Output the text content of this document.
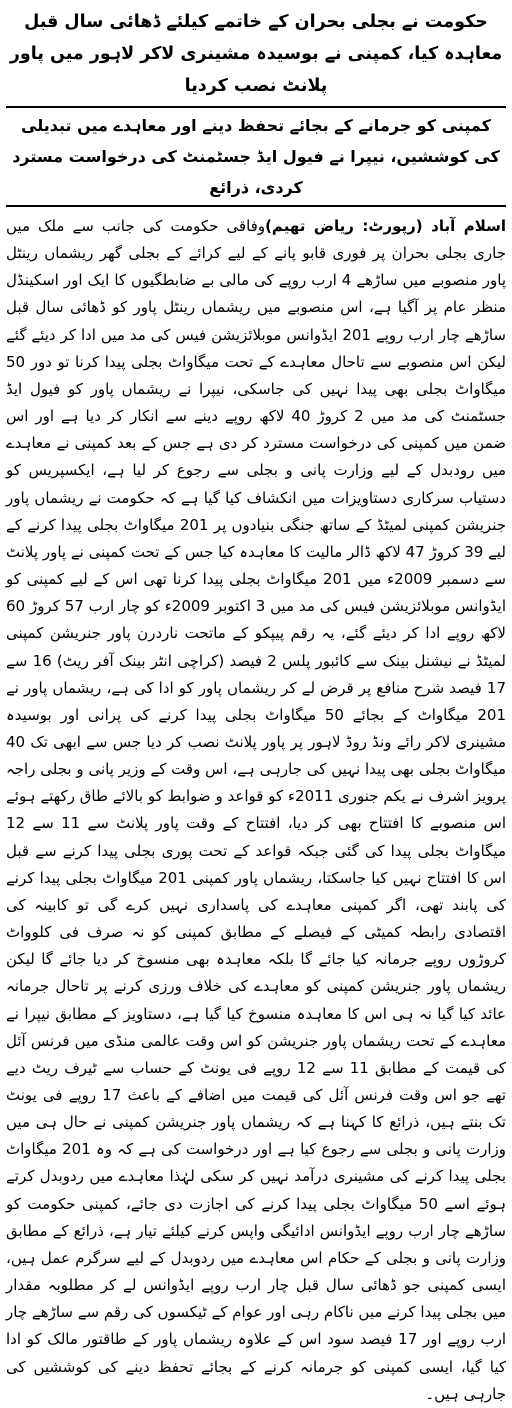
حکومت نے بجلی بحران کے خاتمے کیلئے ڈھائی سال قبل معاہدہ کیا، کمپنی نے بوسیدہ مشینری لاکر لاہور میں پاور پلانٹ نصب کردیا
کمپنی کو جرمانے کے بجائے تحفظ دینے اور معاہدے میں تبدیلی کی کوششیں، نیپرا نے فیول ایڈ جسٹمنٹ کی درخواست مسترد کردی، ذرائع

اسلام آباد (رپورٹ: ریاض تھیم)وفاقی حکومت کی جانب سے ملک میں جاری بجلی بحران پر فوری قابو پانے کے لیے کرائے کے بجلی گھر ریشماں رینٹل پاور منصوبے میں ساڑھے 4 ارب روپے کی مالی بے ضابطگیوں کا ایک اور اسکینڈل منظر عام پر آگیا ہے، اس منصوبے میں ریشماں رینٹل پاور کو ڈھائی سال قبل ساڑھے چار ارب روپے 201 ایڈوانس موبلائزیشن فیس کی مد میں ادا کر دیئے گئے لیکن اس منصوبے سے تاحال معاہدے کے تحت میگاواٹ بجلی پیدا کرنا تو دور 50 میگاواٹ بجلی بھی پیدا نہیں کی جاسکی، نیپرا نے ریشماں پاور کو فیول ایڈ جسٹمنٹ کی مد میں 2 کروڑ 40 لاکھ روپے دینے سے انکار کر دیا ہے اور اس ضمن میں کمپنی کی درخواست مسترد کر دی ہے جس کے بعد کمپنی نے معاہدے میں رودبدل کے لیے وزارت پانی و بجلی سے رجوع کر لیا ہے، ایکسپریس کو دستیاب سرکاری دستاویزات میں انکشاف کیا گیا ہے کہ حکومت نے ریشماں پاور جنریشن کمپنی لمیٹڈ کے ساتھ جنگی بنیادوں پر 201 میگاواٹ بجلی پیدا کرنے کے لیے 39 کروڑ 47 لاکھ ڈالر مالیت کا معاہدہ کیا جس کے تحت کمپنی نے پاور پلانٹ سے دسمبر 2009ء میں 201 میگاواٹ بجلی پیدا کرنا تھی اس کے لیے کمپنی کو ایڈوانس موبلائزیشن فیس کی مد میں 3 اکتوبر 2009ء کو چار ارب 57 کروڑ 60 لاکھ روپے ادا کر دیئے گئے، یہ رقم پیپکو کے ماتحت ناردرن پاور جنریشن کمپنی لمیٹڈ نے نیشنل بینک سے کائبور پلس 2 فیصد (کراچی انٹر بینک آفر ریٹ) 16 سے 17 فیصد شرح منافع پر قرض لے کر ریشماں پاور کو ادا کی ہے، ریشماں پاور نے 201 میگاواٹ کے بجائے 50 میگاواٹ بجلی پیدا کرنے کی پرانی اور بوسیدہ مشینری لاکر رائے ونڈ روڈ لاہور پر پاور پلانٹ نصب کر دیا جس سے ابھی تک 40 میگاواٹ بجلی بھی پیدا نہیں کی جارہی ہے، اس وقت کے وزیر پانی و بجلی راجہ پرویز اشرف نے یکم جنوری 2011ء کو قواعد و ضوابط کو بالائے طاق رکھتے ہوئے اس منصوبے کا افتتاح بھی کر دیا، افتتاح کے وقت پاور پلانٹ سے 11 سے 12 میگاواٹ بجلی پیدا کی گئی جبکہ قواعد کے تحت پوری بجلی پیدا کرنے سے قبل اس کا افتتاح نہیں کیا جاسکتا، ریشماں پاور کمپنی 201 میگاواٹ بجلی پیدا کرنے کی پابند تھی، اگر کمپنی معاہدے کی پاسداری نہیں کرے گی تو کابینہ کی اقتصادی رابطہ کمیٹی کے فیصلے کے مطابق کمپنی کو نہ صرف فی کلوواٹ کروڑوں روپے جرمانہ کیا جائے گا بلکہ معاہدہ بھی منسوخ کر دیا جائے گا لیکن ریشماں پاور جنریشن کمپنی کو معاہدے کی خلاف ورزی کرنے پر تاحال جرمانہ عائد کیا گیا نہ ہی اس کا معاہدہ منسوخ کیا گیا ہے، دستاویز کے مطابق نیپرا نے معاہدے کے تحت ریشماں پاور جنریشن کو اس وقت عالمی منڈی میں فرنس آئل کی قیمت کے مطابق 11 سے 12 روپے فی یونٹ کے حساب سے ٹیرف ریٹ دیے تھے جو اس وقت فرنس آئل کی قیمت میں اضافے کے باعث 17 روپے فی یونٹ تک بنتے ہیں، ذرائع کا کہنا ہے کہ ریشماں پاور جنریشن کمپنی نے حال ہی میں وزارت پانی و بجلی سے رجوع کیا ہے اور درخواست کی ہے کہ وہ 201 میگاواٹ بجلی پیدا کرنے کی مشینری درآمد نہیں کر سکی لہٰذا معاہدے میں ردوبدل کرتے ہوئے اسے 50 میگاواٹ بجلی پیدا کرنے کی اجازت دی جائے، کمپنی حکومت کو ساڑھے چار ارب روپے ایڈوانس ادائیگی واپس کرنے کیلئے تیار ہے، ذرائع کے مطابق وزارت پانی و بجلی کے حکام اس معاہدے میں ردوبدل کے لیے سرگرم عمل ہیں، ایسی کمپنی جو ڈھائی سال قبل چار ارب روپے ایڈوانس لے کر مطلوبہ مقدار میں بجلی پیدا کرنے میں ناکام رہی اور عوام کے ٹیکسوں کی رقم سے ساڑھے چار ارب روپے اور 17 فیصد سود اس کے علاوہ ریشماں پاور کے طاقتور مالک کو ادا کیا گیا، ایسی کمپنی کو جرمانہ کرنے کے بجائے تحفظ دینے کی کوششیں کی جارہی ہیں۔
